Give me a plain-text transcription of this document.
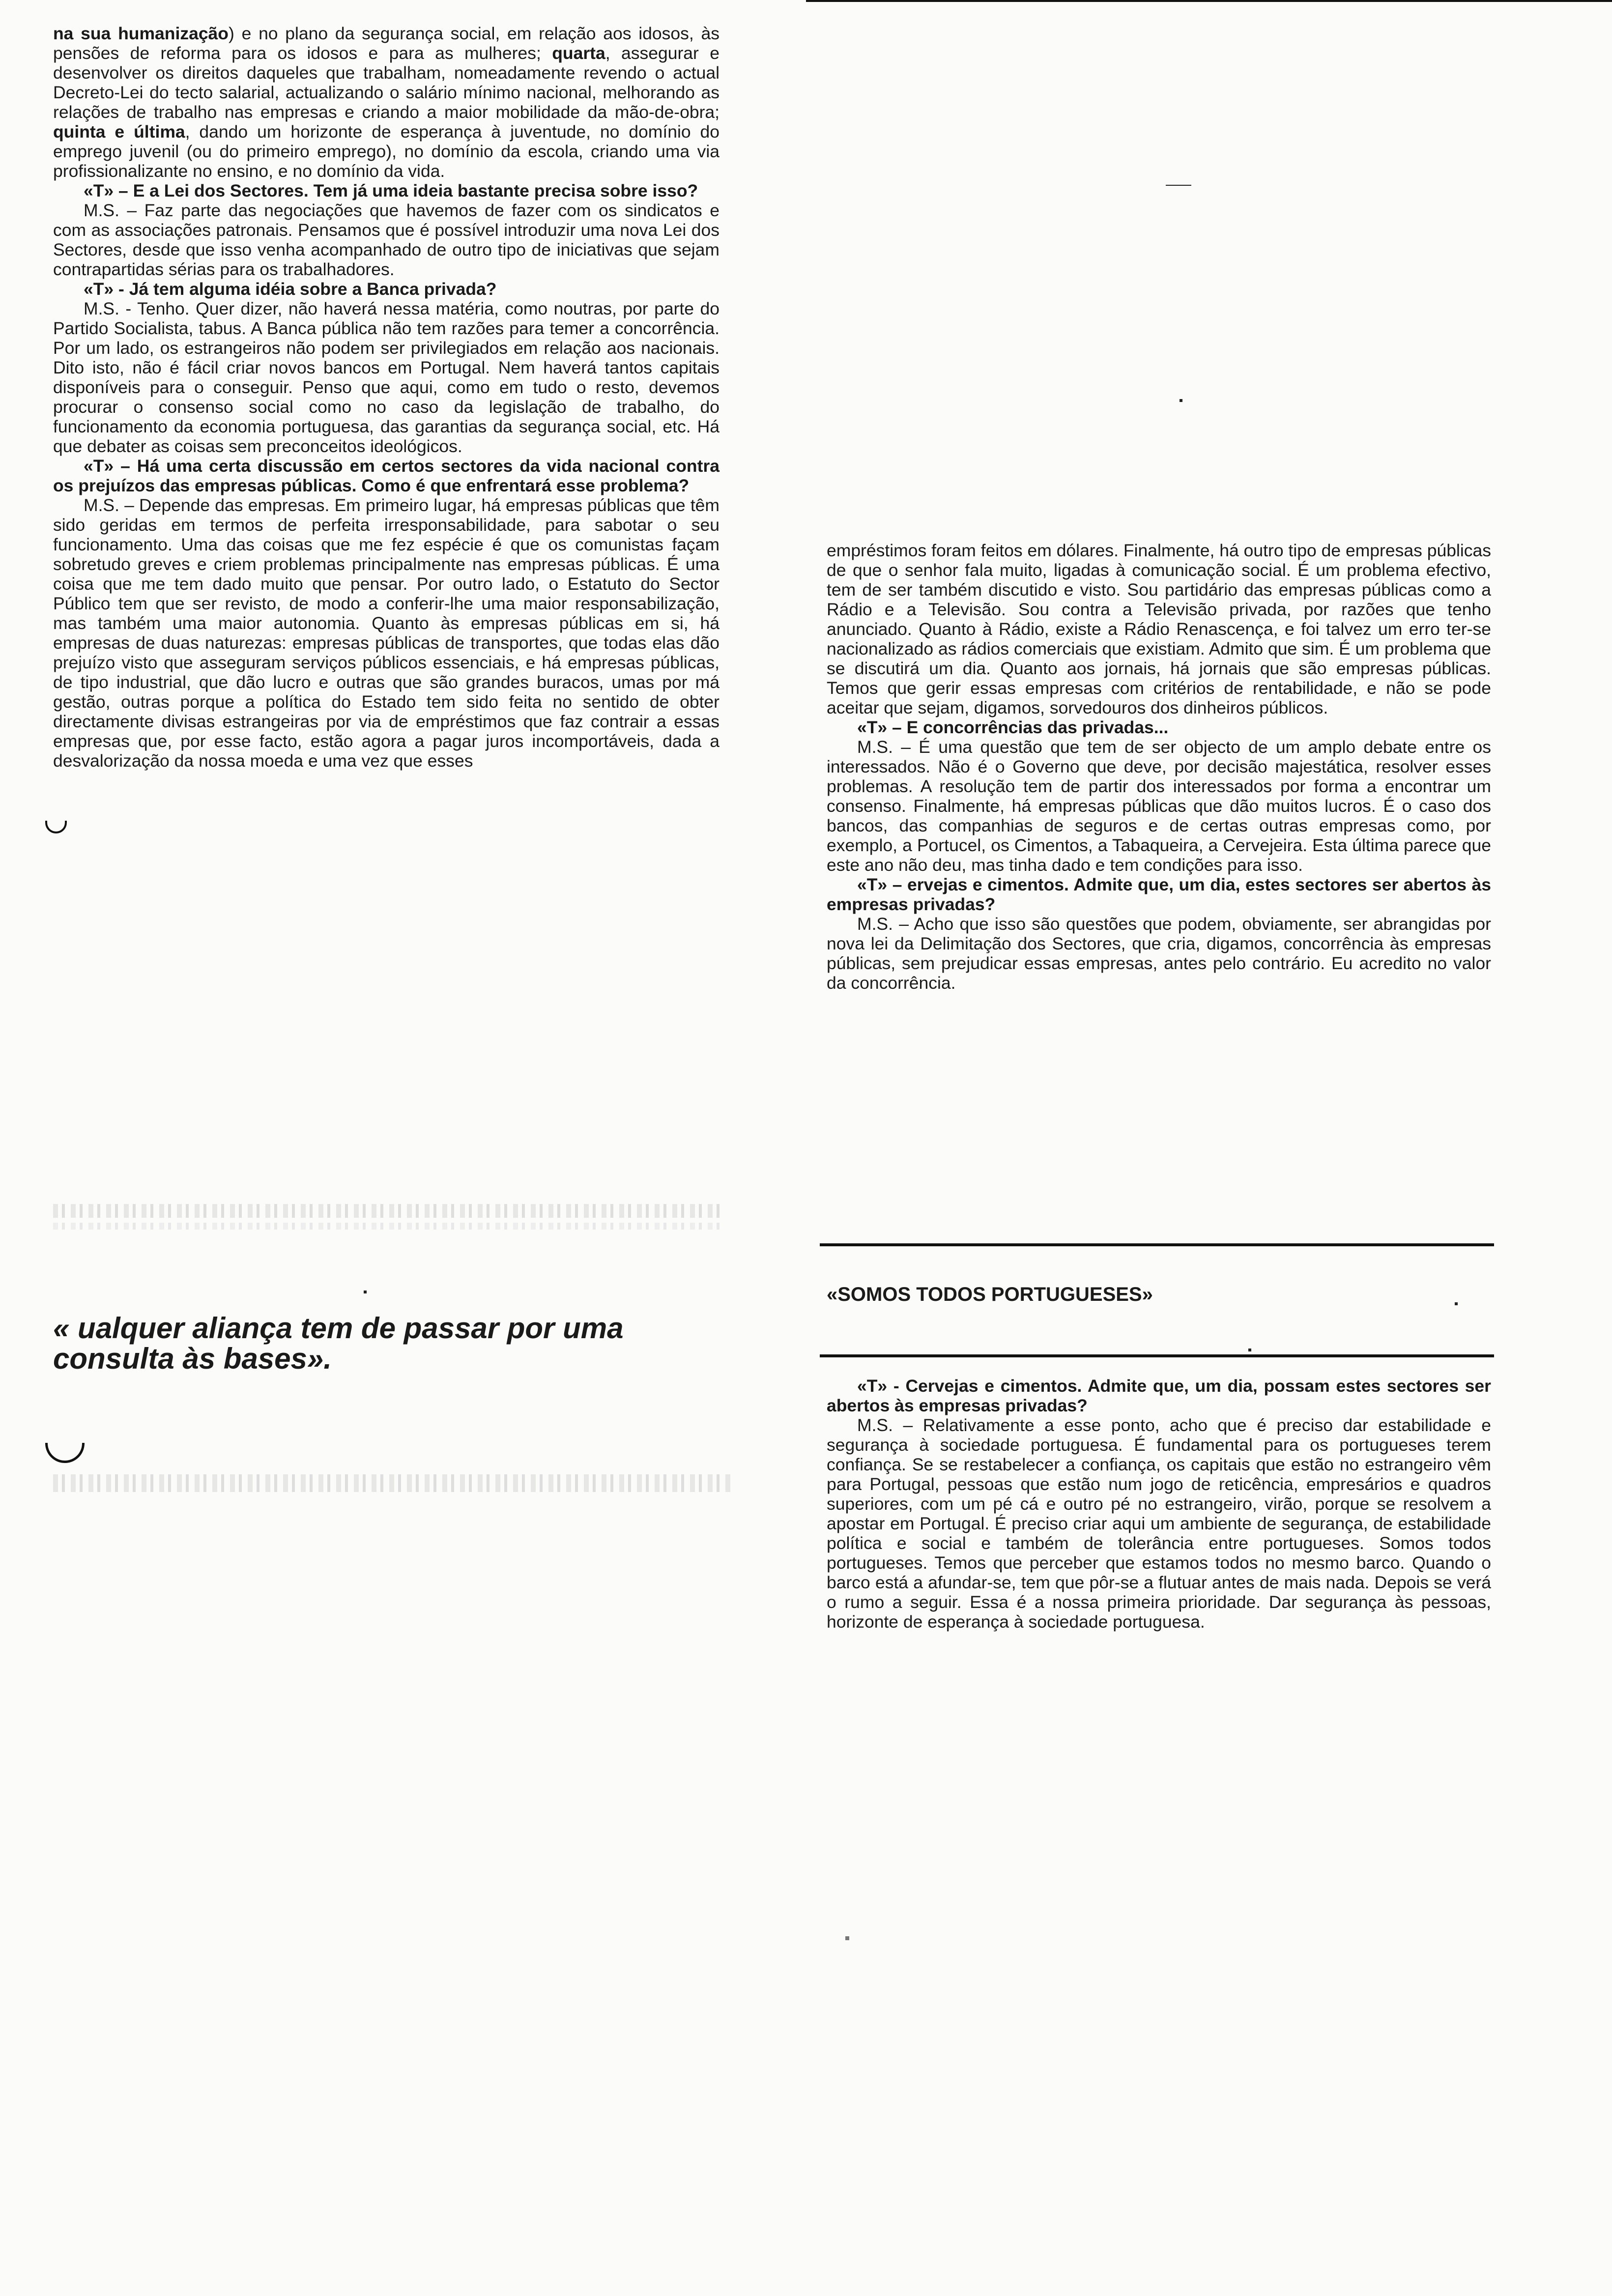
na sua humanização) e no plano da segurança social, em relação aos idosos, às pensões de reforma para os idosos e para as mulheres; quarta, assegurar e desenvolver os direitos daqueles que trabalham, nomeadamente revendo o actual Decreto-Lei do tecto salarial, actualizando o salário mínimo nacional, melhorando as relações de trabalho nas empresas e criando a maior mobilidade da mão-de-obra; quinta e última, dando um horizonte de esperança à juventude, no domínio do emprego juvenil (ou do primeiro emprego), no domínio da escola, criando uma via profissionalizante no ensino, e no domínio da vida.

«T» – E a Lei dos Sectores. Tem já uma ideia bastante precisa sobre isso?

M.S. – Faz parte das negociações que havemos de fazer com os sindicatos e com as associações patronais. Pensamos que é possível introduzir uma nova Lei dos Sectores, desde que isso venha acompanhado de outro tipo de iniciativas que sejam contrapartidas sérias para os trabalhadores.

«T» - Já tem alguma idéia sobre a Banca privada?

M.S. - Tenho. Quer dizer, não haverá nessa matéria, como noutras, por parte do Partido Socialista, tabus. A Banca pública não tem razões para temer a concorrência. Por um lado, os estrangeiros não podem ser privilegiados em relação aos nacionais. Dito isto, não é fácil criar novos bancos em Portugal. Nem haverá tantos capitais disponíveis para o conseguir. Penso que aqui, como em tudo o resto, devemos procurar o consenso social como no caso da legislação de trabalho, do funcionamento da economia portuguesa, das garantias da segurança social, etc. Há que debater as coisas sem preconceitos ideológicos.

«T» – Há uma certa discussão em certos sectores da vida nacional contra os prejuízos das empresas públicas. Como é que enfrentará esse problema?

M.S. – Depende das empresas. Em primeiro lugar, há empresas públicas que têm sido geridas em termos de perfeita irresponsabilidade, para sabotar o seu funcionamento. Uma das coisas que me fez espécie é que os comunistas façam sobretudo greves e criem problemas principalmente nas empresas públicas. É uma coisa que me tem dado muito que pensar. Por outro lado, o Estatuto do Sector Público tem que ser revisto, de modo a conferir-lhe uma maior responsabilização, mas também uma maior autonomia. Quanto às empresas públicas em si, há empresas de duas naturezas: empresas públicas de transportes, que todas elas dão prejuízo visto que asseguram serviços públicos essenciais, e há empresas públicas, de tipo industrial, que dão lucro e outras que são grandes buracos, umas por má gestão, outras porque a política do Estado tem sido feita no sentido de obter directamente divisas estrangeiras por via de empréstimos que faz contrair a essas empresas que, por esse facto, estão agora a pagar juros incomportáveis, dada a desvalorização da nossa moeda e uma vez que esses

« ualquer aliança tem de passar por uma consulta às bases».

empréstimos foram feitos em dólares. Finalmente, há outro tipo de empresas públicas de que o senhor fala muito, ligadas à comunicação social. É um problema efectivo, tem de ser também discutido e visto. Sou partidário das empresas públicas como a Rádio e a Televisão. Sou contra a Televisão privada, por razões que tenho anunciado. Quanto à Rádio, existe a Rádio Renascença, e foi talvez um erro ter-se nacionalizado as rádios comerciais que existiam. Admito que sim. É um problema que se discutirá um dia. Quanto aos jornais, há jornais que são empresas públicas. Temos que gerir essas empresas com critérios de rentabilidade, e não se pode aceitar que sejam, digamos, sorvedouros dos dinheiros públicos.

«T» – E concorrências das privadas...

M.S. – É uma questão que tem de ser objecto de um amplo debate entre os interessados. Não é o Governo que deve, por decisão majestática, resolver esses problemas. A resolução tem de partir dos interessados por forma a encontrar um consenso. Finalmente, há empresas públicas que dão muitos lucros. É o caso dos bancos, das companhias de seguros e de certas outras empresas como, por exemplo, a Portucel, os Cimentos, a Tabaqueira, a Cervejeira. Esta última parece que este ano não deu, mas tinha dado e tem condições para isso.

«T» – ervejas e cimentos. Admite que, um dia, estes sectores ser abertos às empresas privadas?

M.S. – Acho que isso são questões que podem, obviamente, ser abrangidas por nova lei da Delimitação dos Sectores, que cria, digamos, concorrência às empresas públicas, sem prejudicar essas empresas, antes pelo contrário. Eu acredito no valor da concorrência.

«SOMOS TODOS PORTUGUESES»

«T» - Cervejas e cimentos. Admite que, um dia, possam estes sectores ser abertos às empresas privadas?

M.S. – Relativamente a esse ponto, acho que é preciso dar estabilidade e segurança à sociedade portuguesa. É fundamental para os portugueses terem confiança. Se se restabelecer a confiança, os capitais que estão no estrangeiro vêm para Portugal, pessoas que estão num jogo de reticência, empresários e quadros superiores, com um pé cá e outro pé no estrangeiro, virão, porque se resolvem a apostar em Portugal. É preciso criar aqui um ambiente de segurança, de estabilidade política e social e também de tolerância entre portugueses. Somos todos portugueses. Temos que perceber que estamos todos no mesmo barco. Quando o barco está a afundar-se, tem que pôr-se a flutuar antes de mais nada. Depois se verá o rumo a seguir. Essa é a nossa primeira prioridade. Dar segurança às pessoas, horizonte de esperança à sociedade portuguesa.
